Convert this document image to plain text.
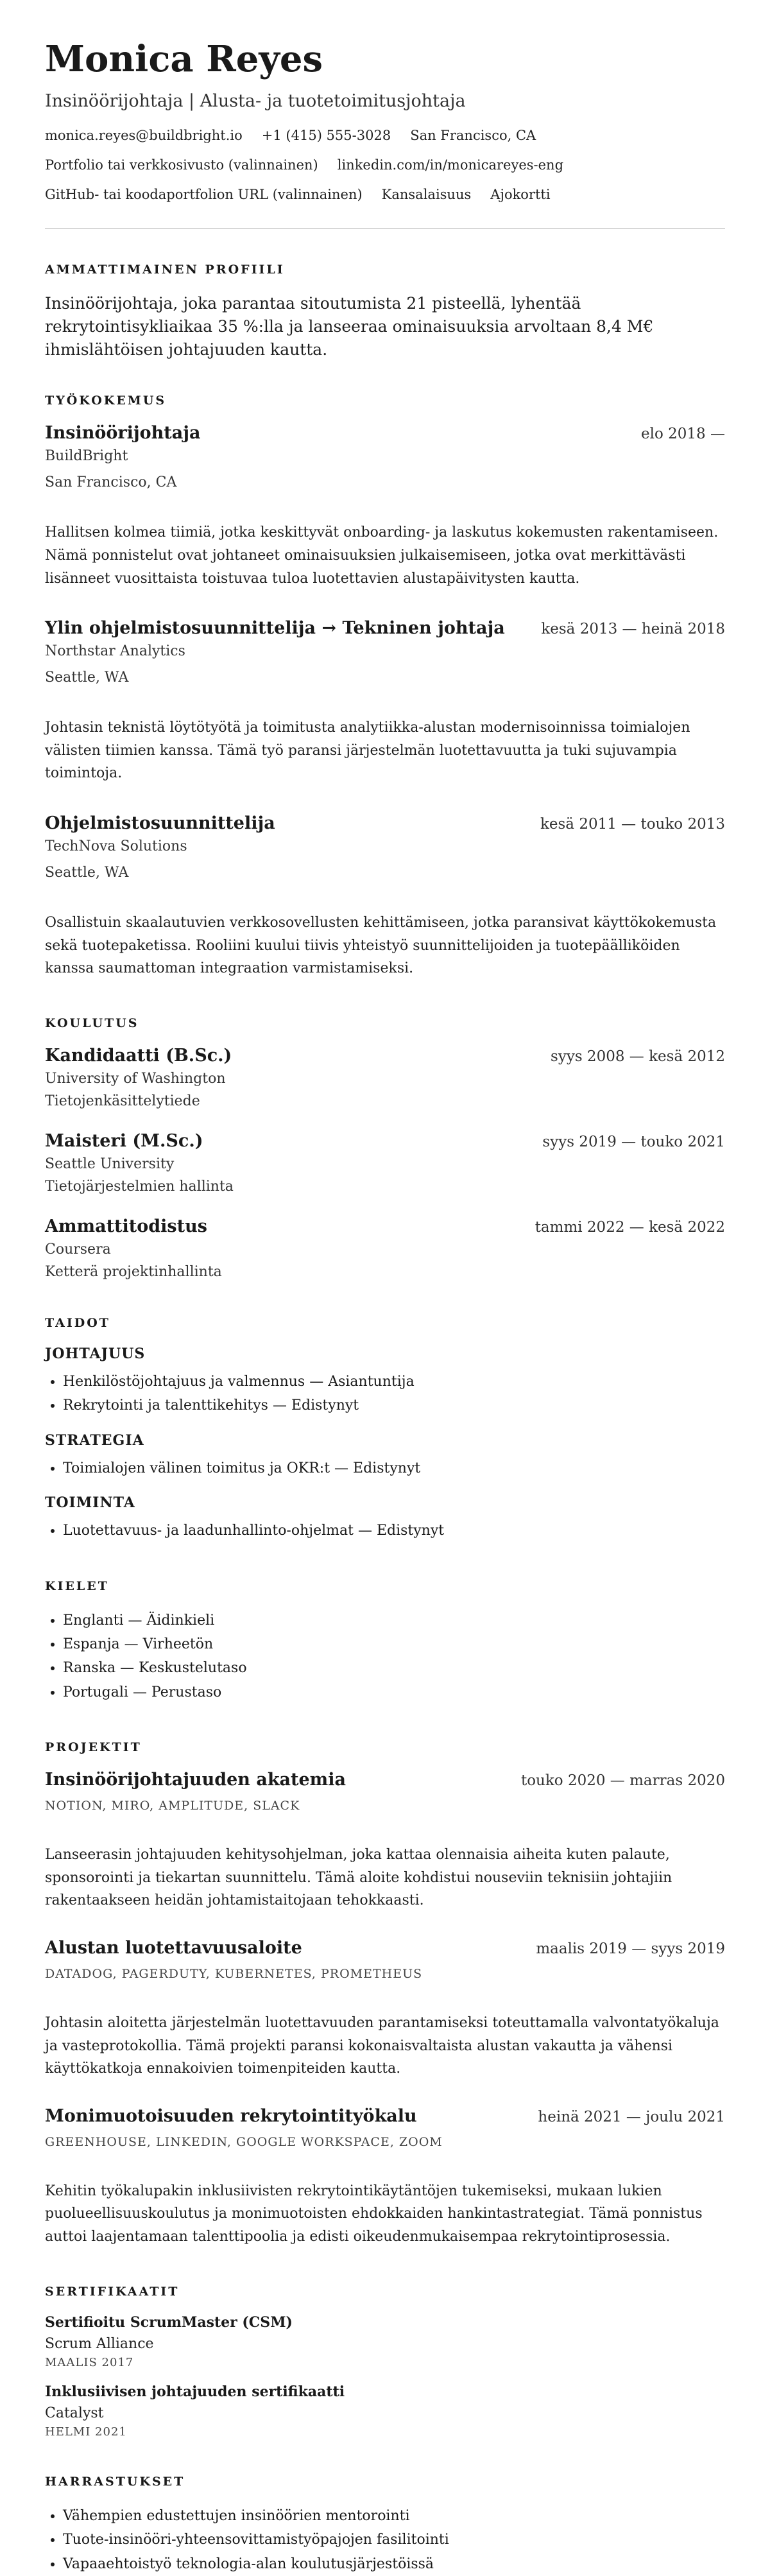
Monica Reyes
Insinöörijohtaja | Alusta- ja tuotetoimitusjohtaja
monica.reyes@buildbright.io +1 (415) 555-3028 San Francisco, CA
Portfolio tai verkkosivusto (valinnainen) linkedin.com/in/monicareyes-eng
GitHub- tai koodaportfolion URL (valinnainen) Kansalaisuus Ajokortti
AMMATTIMAINEN PROFIILI
Insinöörijohtaja, joka parantaa sitoutumista 21 pisteellä, lyhentää rekrytointisykliaikaa 35 %:lla ja lanseeraa ominaisuuksia arvoltaan 8,4 M€ ihmislähtöisen johtajuuden kautta.
TYÖKOKEMUS
Insinöörijohtaja	elo 2018 —
BuildBright
San Francisco, CA
Hallitsen kolmea tiimiä, jotka keskittyvät onboarding- ja laskutus kokemusten rakentamiseen. Nämä ponnistelut ovat johtaneet ominaisuuksien julkaisemiseen, jotka ovat merkittävästi lisänneet vuosittaista toistuvaa tuloa luotettavien alustapäivitysten kautta.
Ylin ohjelmistosuunnittelija → Tekninen johtaja kesä 2013 — heinä 2018
Northstar Analytics
Seattle, WA
Johtasin teknistä löytötyötä ja toimitusta analytiikka-alustan modernisoinnissa toimialojen välisten tiimien kanssa. Tämä työ paransi järjestelmän luotettavuutta ja tuki sujuvampia toimintoja.
Ohjelmistosuunnittelija	kesä 2011 — touko 2013
TechNova Solutions
Seattle, WA
Osallistuin skaalautuvien verkkosovellusten kehittämiseen, jotka paransivat käyttökokemusta sekä tuotepaketissa. Rooliini kuului tiivis yhteistyö suunnittelijoiden ja tuotepäälliköiden kanssa saumattoman integraation varmistamiseksi.
KOULUTUS
Kandidaatti (B.Sc.)	syys 2008 — kesä 2012
University of Washington
Tietojenkäsittelytiede
Maisteri (M.Sc.)	syys 2019 — touko 2021
Seattle University
Tietojärjestelmien hallinta
Ammattitodistus	tammi 2022 — kesä 2022
Coursera
Ketterä projektinhallinta
TAIDOT
JOHTAJUUS
• Henkilöstöjohtajuus ja valmennus — Asiantuntija
• Rekrytointi ja talenttikehitys — Edistynyt
STRATEGIA
• Toimialojen välinen toimitus ja OKR:t — Edistynyt
TOIMINTA
• Luotettavuus- ja laadunhallinto-ohjelmat — Edistynyt
KIELET
• Englanti — Äidinkieli
• Espanja — Virheetön
• Ranska — Keskustelutaso
• Portugali — Perustaso
PROJEKTIT
Insinöörijohtajuuden akatemia	touko 2020 — marras 2020
NOTION, MIRO, AMPLITUDE, SLACK
Lanseerasin johtajuuden kehitysohjelman, joka kattaa olennaisia aiheita kuten palaute, sponsorointi ja tiekartan suunnittelu. Tämä aloite kohdistui nouseviin teknisiin johtajiin rakentaakseen heidän johtamistaitojaan tehokkaasti.
Alustan luotettavuusaloite	maalis 2019 — syys 2019
DATADOG, PAGERDUTY, KUBERNETES, PROMETHEUS
Johtasin aloitetta järjestelmän luotettavuuden parantamiseksi toteuttamalla valvontatyökaluja ja vasteprotokollia. Tämä projekti paransi kokonaisvaltaista alustan vakautta ja vähensi käyttökatkoja ennakoivien toimenpiteiden kautta.
Monimuotoisuuden rekrytointityökalu	heinä 2021 — joulu 2021
GREENHOUSE, LINKEDIN, GOOGLE WORKSPACE, ZOOM
Kehitin työkalupakin inklusiivisten rekrytointikäytäntöjen tukemiseksi, mukaan lukien puolueellisuuskoulutus ja monimuotoisten ehdokkaiden hankintastrategiat. Tämä ponnistus auttoi laajentamaan talenttipoolia ja edisti oikeudenmukaisempaa rekrytointiprosessia.
SERTIFIKAATIT
Sertifioitu ScrumMaster (CSM)
Scrum Alliance
MAALIS 2017
Inklusiivisen johtajuuden sertifikaatti
Catalyst
HELMI 2021
HARRASTUKSET
• Vähempien edustettujen insinöörien mentorointi
• Tuote-insinööri-yhteensovittamistyöpajojen fasilitointi
• Vapaaehtoistyö teknologia-alan koulutusjärjestöissä
